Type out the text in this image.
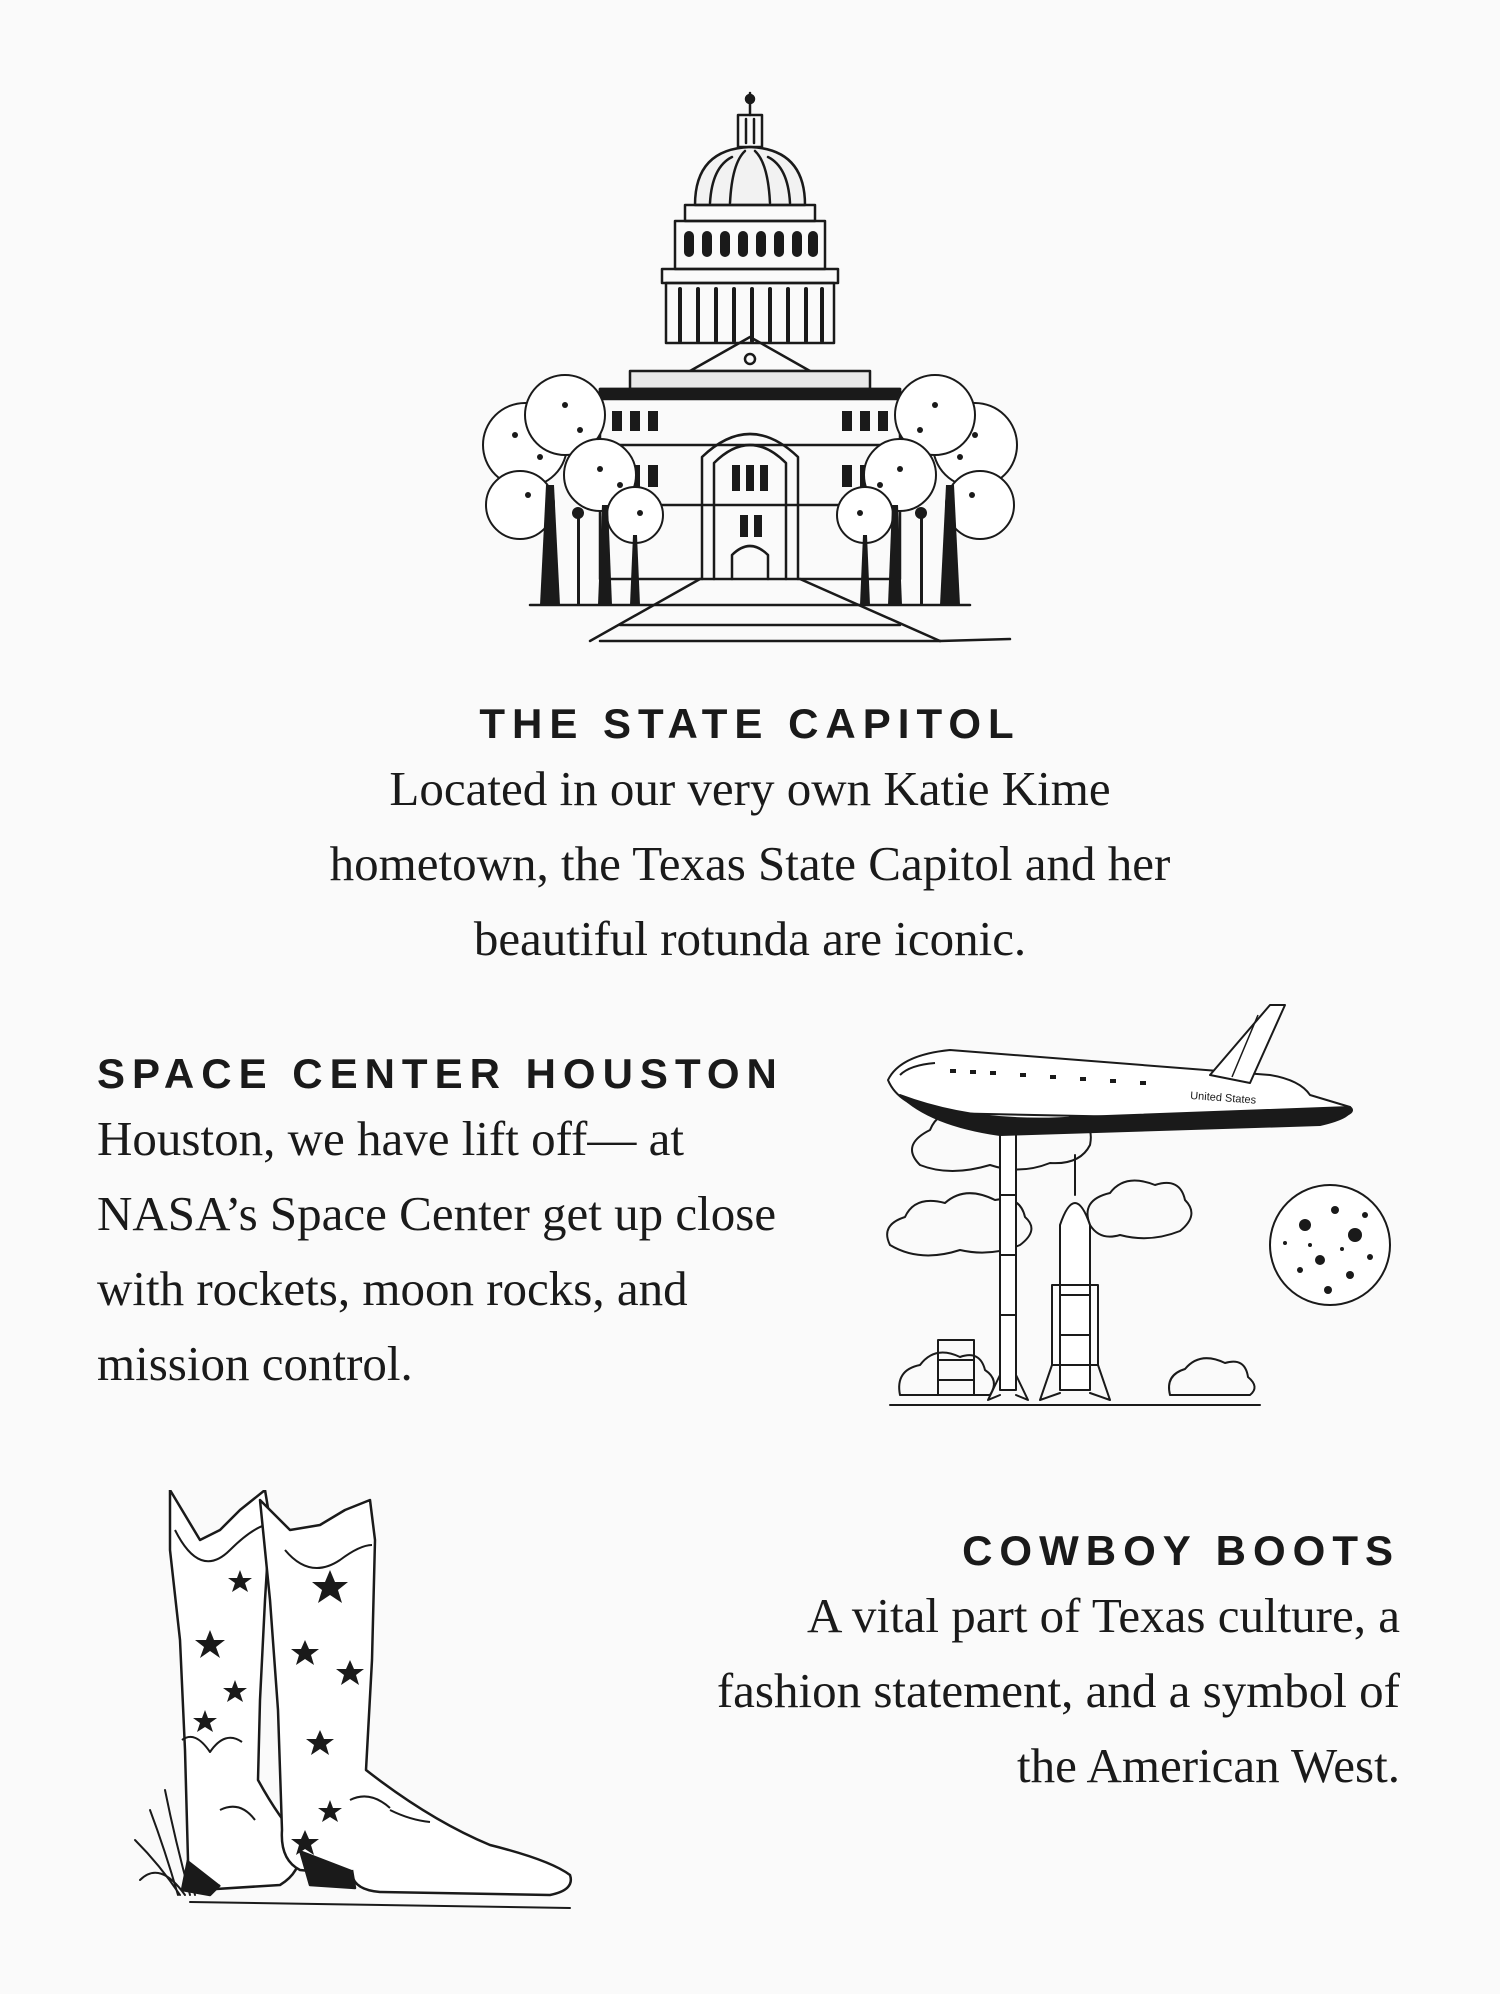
THE STATE CAPITOL

Located in our very own Katie Kime
hometown, the Texas State Capitol and her
beautiful rotunda are iconic.

SPACE CENTER HOUSTON

Houston, we have lift off— at
NASA’s Space Center get up close
with rockets, moon rocks, and
mission control.

United States
COWBOY BOOTS

A vital part of Texas culture, a
fashion statement, and a symbol of
the American West.
